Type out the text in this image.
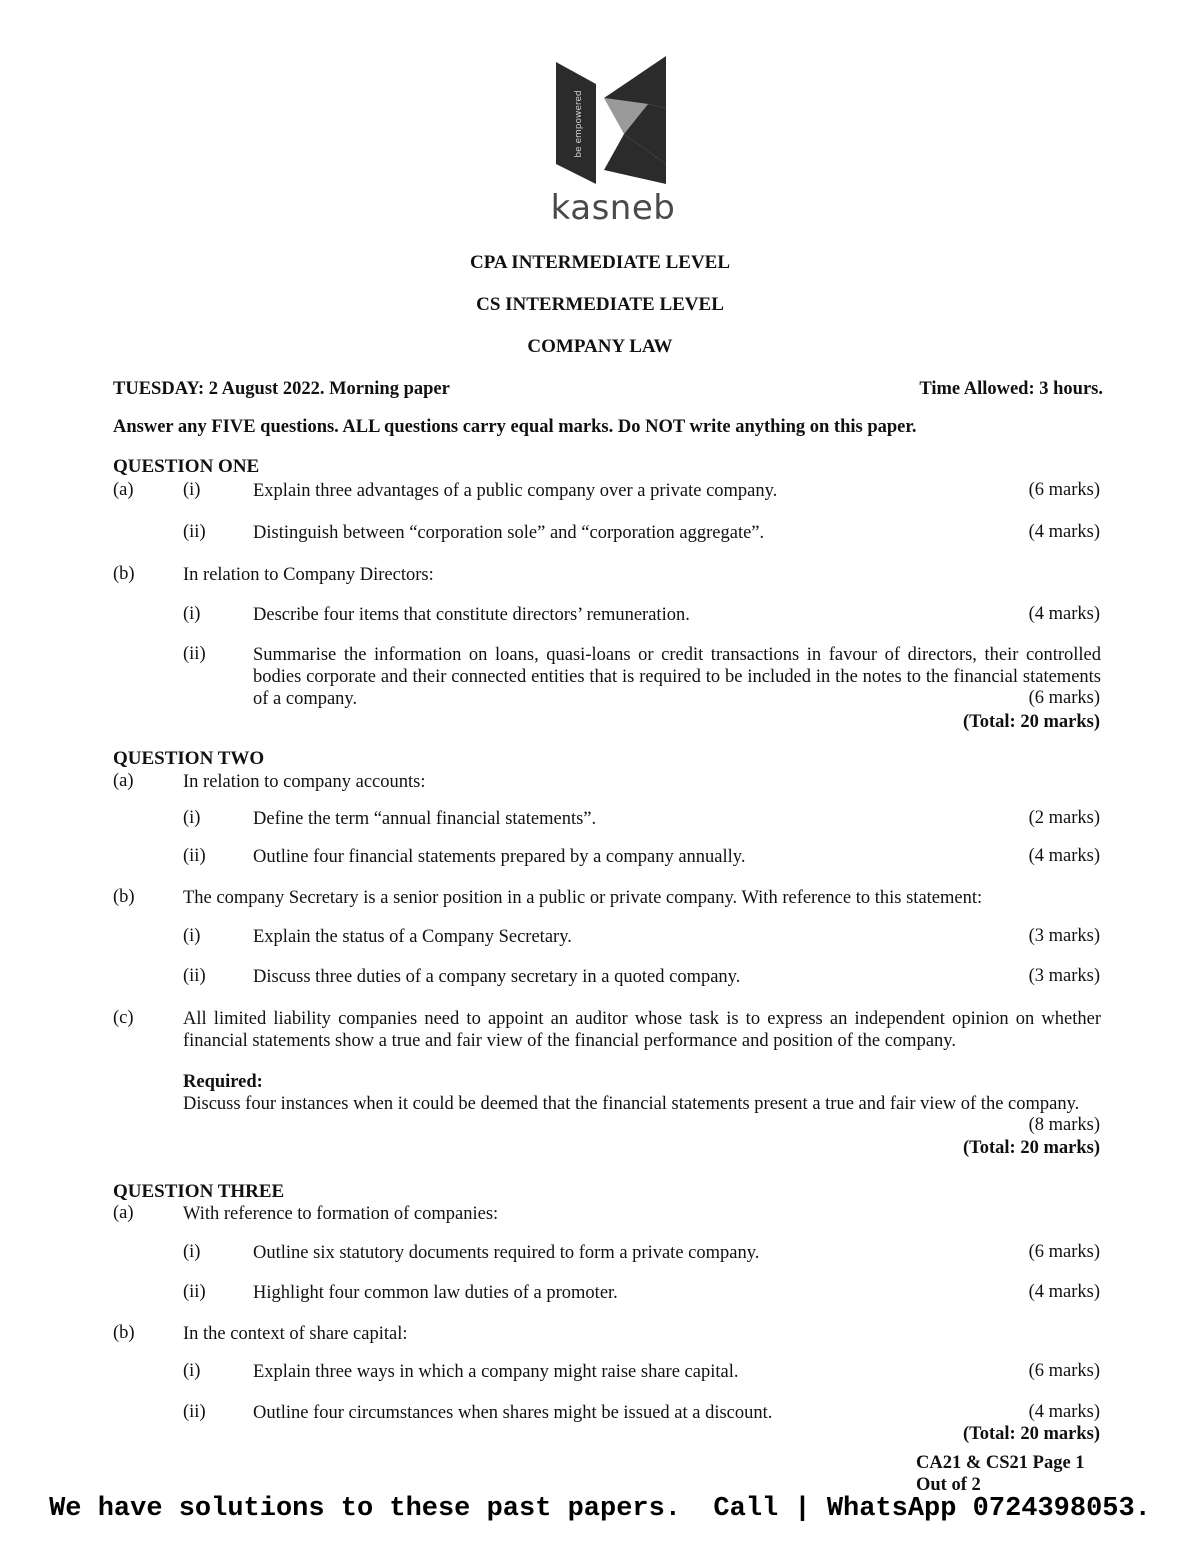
be empowered
kasneb
CPA INTERMEDIATE LEVEL
CS INTERMEDIATE LEVEL
COMPANY LAW
TUESDAY: 2 August 2022. Morning paper	Time Allowed: 3 hours.
Answer any FIVE questions. ALL questions carry equal marks. Do NOT write anything on this paper.
QUESTION ONE
(a)	(i)	Explain three advantages of a public company over a private company.	(6 marks)
(ii)	Distinguish between “corporation sole” and “corporation aggregate”.	(4 marks)
(b)	In relation to Company Directors:
(i)	Describe four items that constitute directors’ remuneration.	(4 marks)
(ii)	Summarise the information on loans, quasi-loans or credit transactions in favour of directors, their controlled bodies corporate and their connected entities that is required to be included in the notes to the financial statements of a company.	(6 marks)
(Total: 20 marks)
QUESTION TWO
(a)	In relation to company accounts:
(i)	Define the term “annual financial statements”.	(2 marks)
(ii)	Outline four financial statements prepared by a company annually.	(4 marks)
(b)	The company Secretary is a senior position in a public or private company. With reference to this statement:
(i)	Explain the status of a Company Secretary.	(3 marks)
(ii)	Discuss three duties of a company secretary in a quoted company.	(3 marks)
(c)	All limited liability companies need to appoint an auditor whose task is to express an independent opinion on whether financial statements show a true and fair view of the financial performance and position of the company.
Required:
Discuss four instances when it could be deemed that the financial statements present a true and fair view of the company.
(8 marks)
(Total: 20 marks)
QUESTION THREE
(a)	With reference to formation of companies:
(i)	Outline six statutory documents required to form a private company.	(6 marks)
(ii)	Highlight four common law duties of a promoter.	(4 marks)
(b)	In the context of share capital:
(i)	Explain three ways in which a company might raise share capital.	(6 marks)
(ii)	Outline four circumstances when shares might be issued at a discount.	(4 marks)
(Total: 20 marks)
CA21 & CS21 Page 1
Out of 2
We have solutions to these past papers.  Call | WhatsApp 0724398053.
